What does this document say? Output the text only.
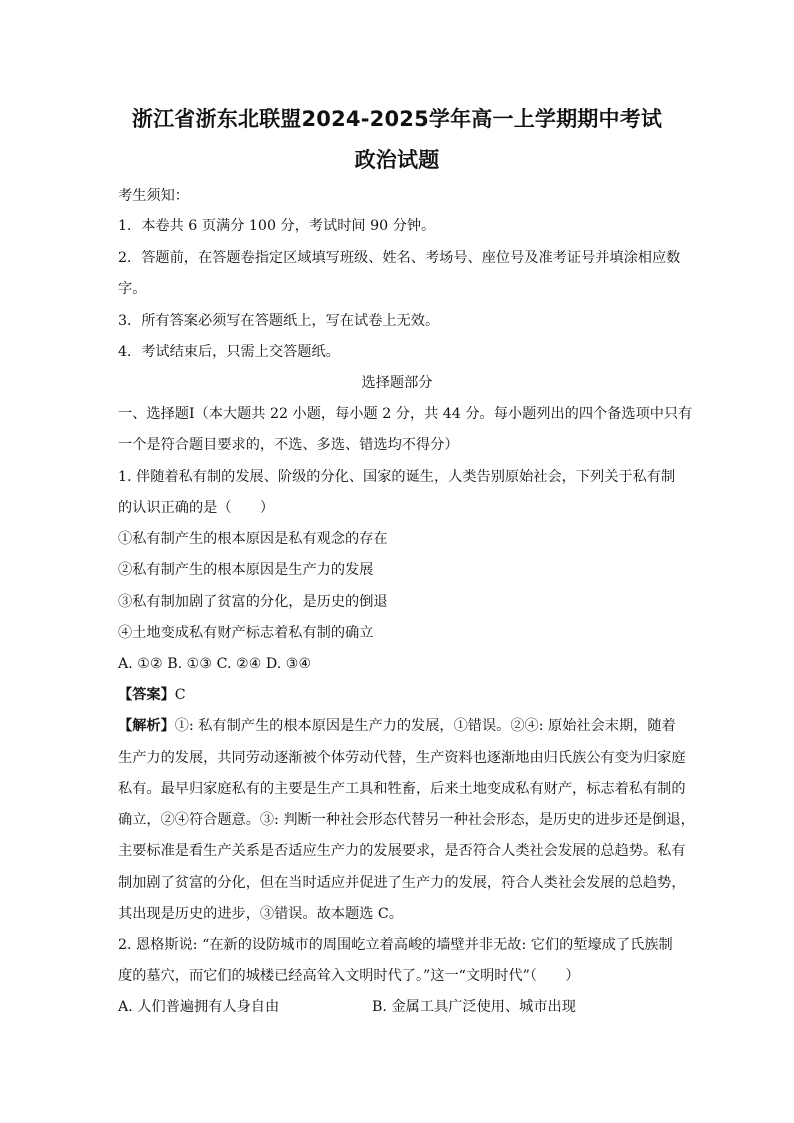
浙江省浙东北联盟2024-2025学年高一上学期期中考试
政治试题
考生须知：
1．本卷共 6 页满分 100 分，考试时间 90 分钟。
2．答题前，在答题卷指定区域填写班级、姓名、考场号、座位号及准考证号并填涂相应数
字。
3．所有答案必须写在答题纸上，写在试卷上无效。
4．考试结束后，只需上交答题纸。
选择题部分
一、选择题Ⅰ（本大题共 22 小题，每小题 2 分，共 44 分。每小题列出的四个备选项中只有
一个是符合题目要求的，不选、多选、错选均不得分）
1. 伴随着私有制的发展、阶级的分化、国家的诞生，人类告别原始社会，下列关于私有制
的认识正确的是（　　）
①私有制产生的根本原因是私有观念的存在
②私有制产生的根本原因是生产力的发展
③私有制加剧了贫富的分化，是历史的倒退
④土地变成私有财产标志着私有制的确立
A. ①② B. ①③ C. ②④ D. ③④
【答案】C
【解析】①: 私有制产生的根本原因是生产力的发展，①错误。②④: 原始社会末期，随着
生产力的发展，共同劳动逐渐被个体劳动代替，生产资料也逐渐地由归氏族公有变为归家庭
私有。最早归家庭私有的主要是生产工具和牲畜，后来土地变成私有财产，标志着私有制的
确立，②④符合题意。③: 判断一种社会形态代替另一种社会形态，是历史的进步还是倒退，
主要标准是看生产关系是否适应生产力的发展要求，是否符合人类社会发展的总趋势。私有
制加剧了贫富的分化，但在当时适应并促进了生产力的发展，符合人类社会发展的总趋势，
其出现是历史的进步，③错误。故本题选 C。
2. 恩格斯说: “在新的设防城市的周围屹立着高峻的墙壁并非无故: 它们的堑壕成了氏族制
度的墓穴，而它们的城楼已经高耸入文明时代了。”这一“文明时代”（　　）
A. 人们普遍拥有人身自由	B. 金属工具广泛使用、城市出现
